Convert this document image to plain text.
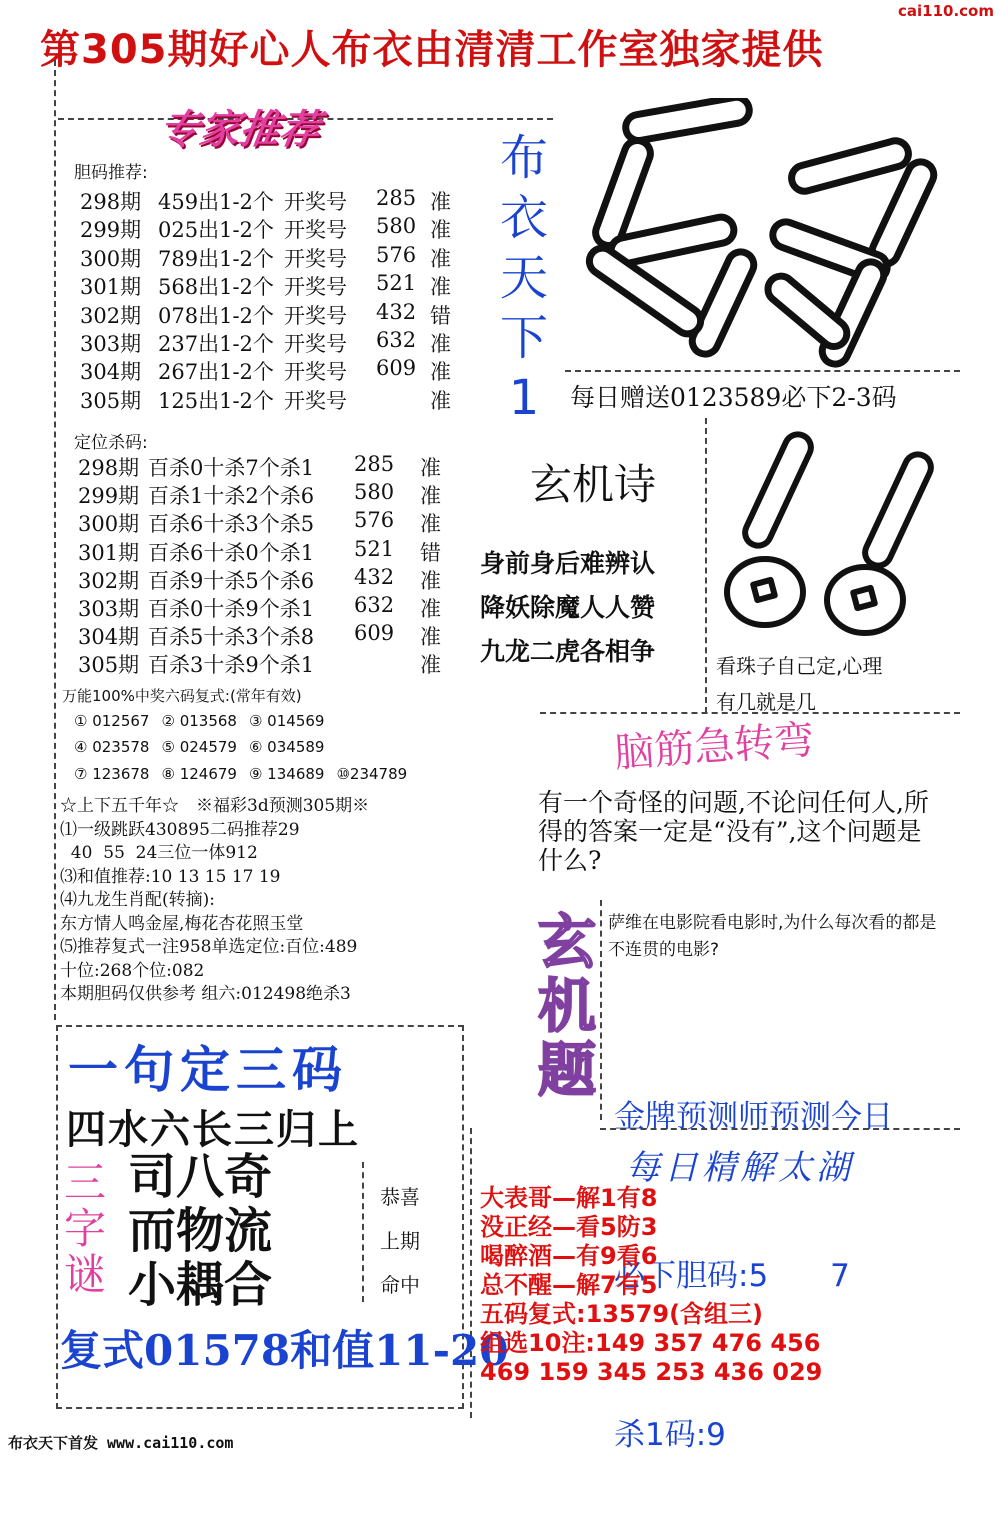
第305期好心人布衣由清清工作室独家提供
cai110.com
专家推荐
胆码推荐:
298期 459出1-2个 开奖号 285 准
299期 025出1-2个 开奖号 580 准
300期 789出1-2个 开奖号 576 准
301期 568出1-2个 开奖号 521 准
302期 078出1-2个 开奖号 432 错
303期 237出1-2个 开奖号 632 准
304期 267出1-2个 开奖号 609 准
305期 125出1-2个 开奖号	准
定位杀码:
298期 百杀0十杀7个杀1 285 准
299期 百杀1十杀2个杀6 580 准
300期 百杀6十杀3个杀5 576 准
301期 百杀6十杀0个杀1 521 错
302期 百杀9十杀5个杀6 432 准
303期 百杀0十杀9个杀1 632 准
304期 百杀5十杀3个杀8 609 准
305期 百杀3十杀9个杀1	准
万能100%中奖六码复式:(常年有效)
① 012567 ② 013568 ③ 014569
④ 023578 ⑤ 024579 ⑥ 034589
⑦ 123678 ⑧ 124679 ⑨ 134689 ⑩234789
☆上下五千年☆　※福彩3d预测305期※
⑴一级跳跃430895二码推荐29
40  55  24三位一体912
⑶和值推荐:10 13 15 17 19
⑷九龙生肖配(转摘):
东方情人鸣金屋,梅花杏花照玉堂
⑸推荐复式一注958单选定位:百位:489
十位:268个位:082
本期胆码仅供参考 组六:012498绝杀3
一句定三码
四水六长三归上
三字谜
司八奇
而物流
小耦合
恭喜
上期
命中
复式01578和值11-20
布衣天下首发 www.cai110.com
布
衣
天
下
1	每日赠送0123589必下2-3码
玄机诗
身前身后难辨认
降妖除魔人人赞
九龙二虎各相争	看珠子自己定,心理
有几就是几
脑筋急转弯
有一个奇怪的问题,不论问任何人,所得的答案一定是“没有”,这个问题是什么?
玄
机
题
萨维在电影院看电影时,为什么每次看的都是不连贯的电影?

金牌预测师预测今日

必下胆码:5　　7

杀1码:9

每日精解太湖
大表哥—解1有8
没正经—看5防3
喝醉酒—有9看6
总不醒—解7有5
五码复式:13579(含组三)
组选10注:149 357 476 456
469 159 345 253 436 029
